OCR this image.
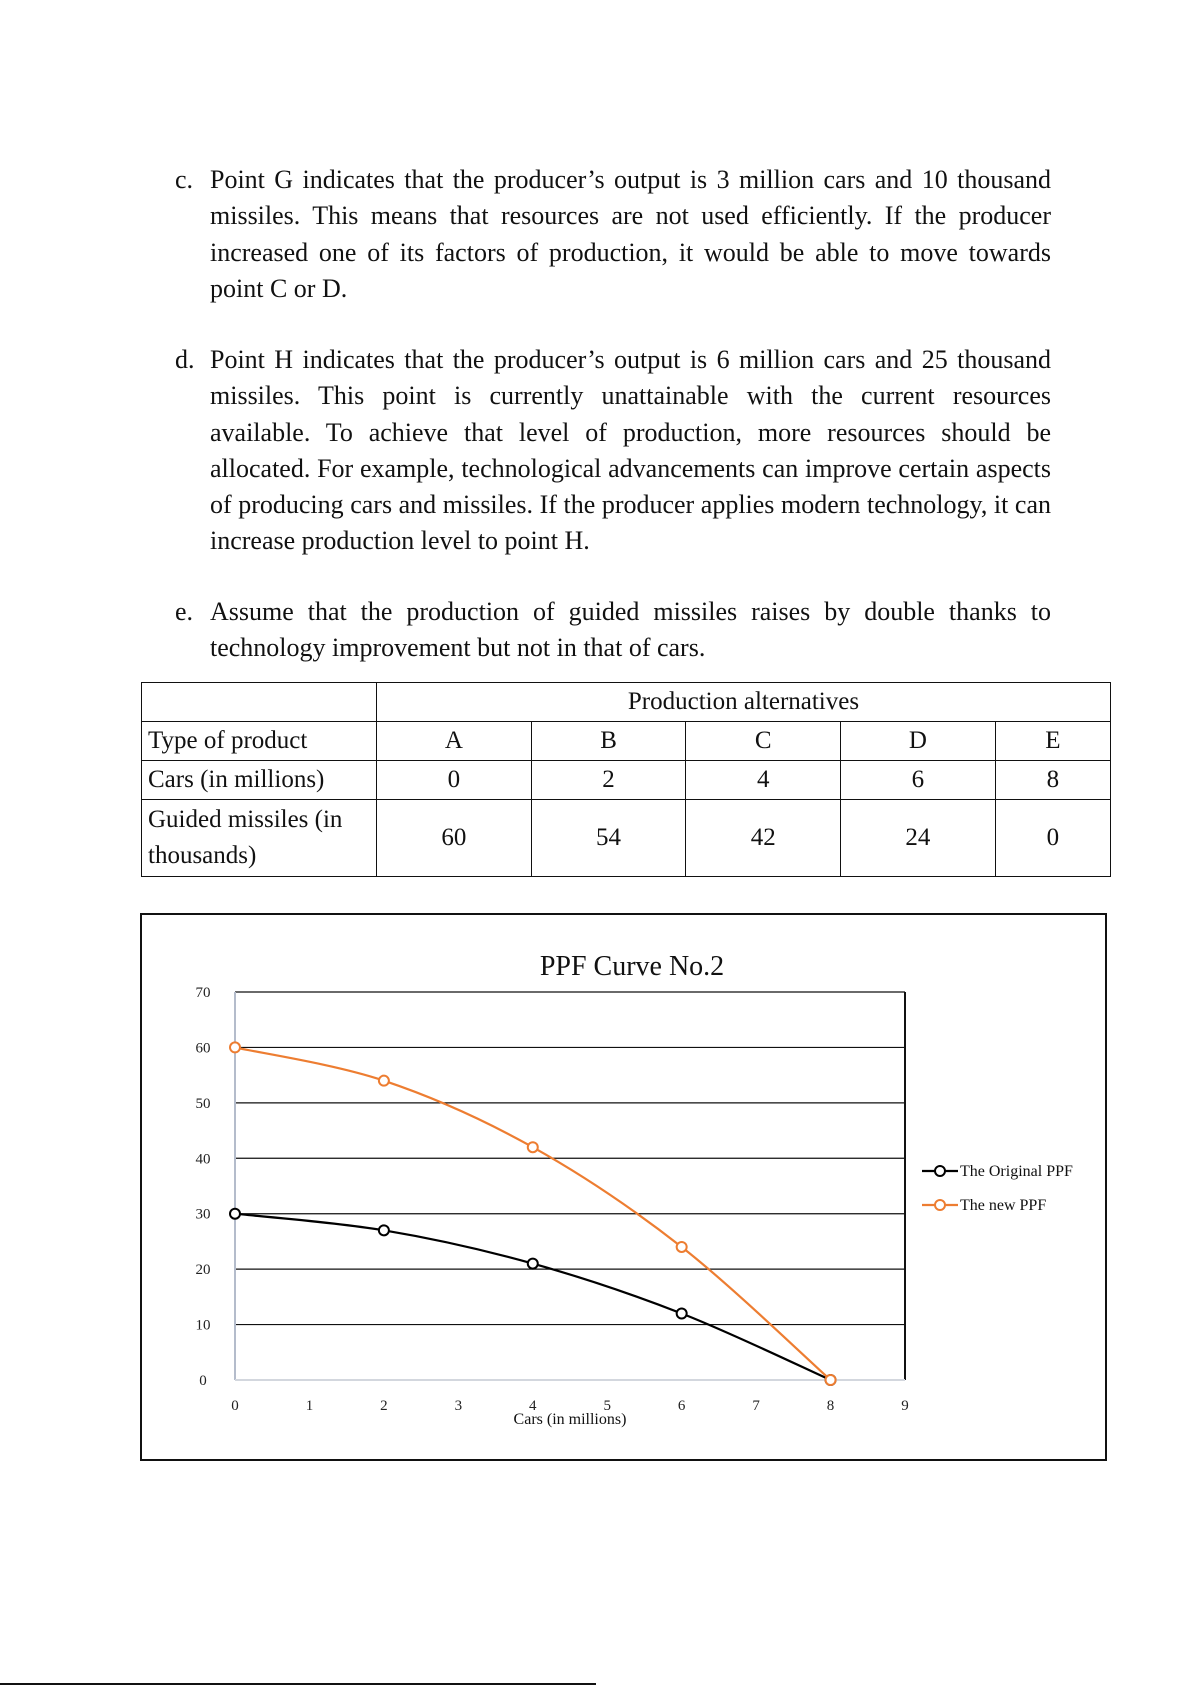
c. Point G indicates that the producer’s output is 3 million cars and 10 thousand missiles. This means that resources are not used efficiently. If the producer increased one of its factors of production, it would be able to move towards point C or D.
d. Point H indicates that the producer’s output is 6 million cars and 25 thousand missiles. This point is currently unattainable with the current resources available. To achieve that level of production, more resources should be allocated. For example, technological advancements can improve certain aspects of producing cars and missiles. If the producer applies modern technology, it can increase production level to point H.
e. Assume that the production of guided missiles raises by double thanks to technology improvement but not in that of cars.
	Production alternatives				
Type of product	A	B	C	D	E
Cars (in millions)	0	2	4	6	8
Guided missiles (in thousands)	60	54	42	24	0
PPF Curve No.2
0
10
20
30
40
50
60
70
0	1	2	3	4	5	6	7	8	9
Cars (in millions)
The Original PPF
The new PPF
